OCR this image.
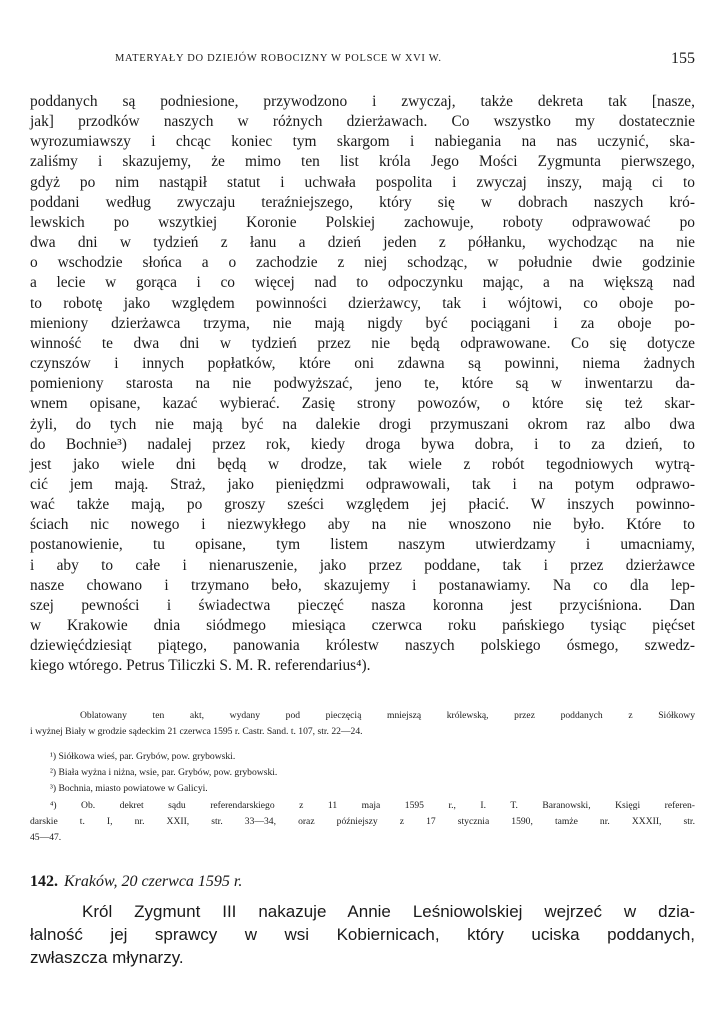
MATERYAŁY DO DZIEJÓW ROBOCIZNY W POLSCE W XVI W.	155
poddanych są podniesione, przywodzono i zwyczaj, także dekreta tak [nasze,
jak] przodków naszych w różnych dzierżawach. Co wszystko my dostatecznie
wyrozumiawszy i chcąc koniec tym skargom i nabiegania na nas uczynić, ska-
zaliśmy i skazujemy, że mimo ten list króla Jego Mości Zygmunta pierwszego,
gdyż po nim nastąpił statut i uchwała pospolita i zwyczaj inszy, mają ci to
poddani według zwyczaju teraźniejszego, który się w dobrach naszych kró-
lewskich po wszytkiej Koronie Polskiej zachowuje, roboty odprawować po
dwa dni w tydzień z łanu a dzień jeden z półłanku, wychodząc na nie
o wschodzie słońca a o zachodzie z niej schodząc, w południe dwie godzinie
a lecie w gorąca i co więcej nad to odpoczynku mając, a na większą nad
to robotę jako względem powinności dzierżawcy, tak i wójtowi, co oboje po-
mieniony dzierżawca trzyma, nie mają nigdy być pociągani i za oboje po-
winność te dwa dni w tydzień przez nie będą odprawowane. Co się dotycze
czynszów i innych popłatków, które oni zdawna są powinni, niema żadnych
pomieniony starosta na nie podwyższać, jeno te, które są w inwentarzu da-
wnem opisane, kazać wybierać. Zasię strony powozów, o które się też skar-
żyli, do tych nie mają być na dalekie drogi przymuszani okrom raz albo dwa
do Bochnie³) nadalej przez rok, kiedy droga bywa dobra, i to za dzień, to
jest jako wiele dni będą w drodze, tak wiele z robót tegodniowych wytrą-
cić jem mają. Straż, jako pieniędzmi odprawowali, tak i na potym odprawo-
wać także mają, po groszy sześci względem jej płacić. W inszych powinno-
ściach nic nowego i niezwykłego aby na nie wnoszono nie było. Które to
postanowienie, tu opisane, tym listem naszym utwierdzamy i umacniamy,
i aby to całe i nienaruszenie, jako przez poddane, tak i przez dzierżawce
nasze chowano i trzymano beło, skazujemy i postanawiamy. Na co dla lep-
szej pewności i świadectwa pieczęć nasza koronna jest przyciśniona. Dan
w Krakowie dnia siódmego miesiąca czerwca roku pańskiego tysiąc pięćset
dziewięćdziesiąt piątego, panowania królestw naszych polskiego ósmego, szwedz-
kiego wtórego. Petrus Tiliczki S. M. R. referendarius⁴).
Oblatowany ten akt, wydany pod pieczęcią mniejszą królewską, przez poddanych z Siółkowy
i wyżnej Biały w grodzie sądeckim 21 czerwca 1595 r. Castr. Sand. t. 107, str. 22—24.
¹) Siółkowa wieś, par. Grybów, pow. grybowski.
²) Biała wyżna i niżna, wsie, par. Grybów, pow. grybowski.
³) Bochnia, miasto powiatowe w Galicyi.
⁴) Ob. dekret sądu referendarskiego z 11 maja 1595 r., I. T. Baranowski, Księgi referen-
darskie t. I, nr. XXII, str. 33—34, oraz późniejszy z 17 stycznia 1590, tamże nr. XXXII, str.
45—47.
142. Kraków, 20 czerwca 1595 r.
Król Zygmunt III nakazuje Annie Leśniowolskiej wejrzeć w dzia-
łalność jej sprawcy w wsi Kobiernicach, który uciska poddanych,
zwłaszcza młynarzy.
